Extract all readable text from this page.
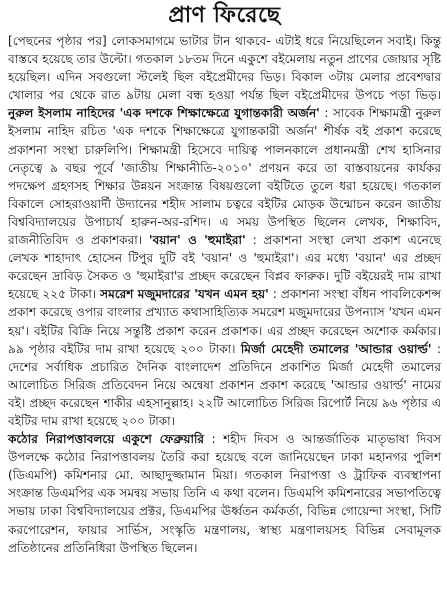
প্রাণ ফিরেছে

[পেছনের পৃষ্ঠার পর] লোকসমাগমে ভাটার টান থাকবে- এটাই ধরে নিয়েছিলেন সবাই। কিন্তু বাস্তবে হয়েছে তার উল্টো। গতকাল ১৮তম দিনে একুশে বইমেলায় নতুন প্রাণের জোয়ার সৃষ্টি হয়েছিল। এদিন সবগুলো স্টলেই ছিল বইপ্রেমীদের ভিড়। বিকাল ৩টায় মেলার প্রবেশদ্বার খোলার পর থেকে রাত ৯টায় মেলা বন্ধ হওয়া পর্যন্ত ছিল বইপ্রেমীদের উপচে পড়া ভিড়। নুরুল ইসলাম নাহিদের 'এক দশকে শিক্ষাক্ষেত্রে যুগান্তকারী অর্জন' : সাবেক শিক্ষামন্ত্রী নুরুল ইসলাম নাহিদ রচিত 'এক দশকে শিক্ষাক্ষেত্রে যুগান্তকারী অর্জন' শীর্ষক বই প্রকাশ করেছে প্রকাশনা সংস্থা চারুলিপি। শিক্ষামন্ত্রী হিসেবে দায়িত্ব পালনকালে প্রধানমন্ত্রী শেখ হাসিনার নেতৃত্বে ৯ বছর পূর্বে 'জাতীয় শিক্ষানীতি-২০১০' প্রণয়ন করে তা বাস্তবায়নের কার্যকর পদক্ষেপ গ্রহণসহ শিক্ষার উন্নয়ন সংক্রান্ত বিষয়গুলো বইটিতে তুলে ধরা হয়েছে। গতকাল বিকালে সোহরাওয়ার্দী উদ্যানের শহীদ সালাম চত্বরে বইটির মোড়ক উন্মোচন করেন জাতীয় বিশ্ববিদ্যালয়ের উপাচার্য হারুন-অর-রশিদ। এ সময় উপস্থিত ছিলেন লেখক, শিক্ষাবিদ, রাজনীতিবিদ ও প্রকাশকরা। 'বয়ান' ও 'হুমাইরা' : প্রকাশনা সংস্থা লেখা প্রকাশ এনেছে লেখক শাহাদাৎ হোসেন টিপুর দুটি বই 'বয়ান' ও 'হুমাইরা'। এর মধ্যে 'বয়ান' এর প্রচ্ছদ করেছেন দ্রাবিড় সৈকত ও 'হুমাইরা'র প্রচ্ছদ করেছেন বিপ্লব ফারুক। দুটি বইয়েরই দাম রাখা হয়েছে ২২৫ টাকা। সমরেশ মজুমদারের 'যখন এমন হয়' : প্রকাশনা সংস্থা বাঁধন পাবলিকেশন্স প্রকাশ করেছে ওপার বাংলার প্রখ্যাত কথাসাহিত্যিক সমরেশ মজুমদারের উপন্যাস 'যখন এমন হয়'। বইটির বিক্রি নিয়ে সন্তুষ্টি প্রকাশ করেন প্রকাশক। এর প্রচ্ছদ করেছেন অশোক কর্মকার। ৯৯ পৃষ্ঠার বইটির দাম রাখা হয়েছে ২০০ টাকা। মির্জা মেহেদী তমালের 'আন্ডার ওয়ার্ল্ড' : দেশের সর্বাধিক প্রচারিত দৈনিক বাংলাদেশ প্রতিদিনে প্রকাশিত মির্জা মেহেদী তমালের আলোচিত সিরিজ প্রতিবেদন নিয়ে অন্বেষা প্রকাশন প্রকাশ করেছে 'আন্ডার ওয়ার্ল্ড' নামের বই। প্রচ্ছদ করেছেন শাকীর এহসানুল্লাহ। ২২টি আলোচিত সিরিজ রিপোর্ট নিয়ে ৯৬ পৃষ্ঠার এ বইটির দাম রাখা হয়েছে ২০০ টাকা।

কঠোর নিরাপত্তাবলয়ে একুশে ফেব্রুয়ারি : শহীদ দিবস ও আন্তর্জাতিক মাতৃভাষা দিবস উপলক্ষে কঠোর নিরাপত্তাবলয় তৈরি করা হয়েছে বলে জানিয়েছেন ঢাকা মহানগর পুলিশ (ডিএমপি) কমিশনার মো. আছাদুজ্জামান মিয়া। গতকাল নিরাপত্তা ও ট্রাফিক ব্যবস্থাপনা সংক্রান্ত ডিএমপির এক সমন্বয় সভায় তিনি এ কথা বলেন। ডিএমপি কমিশনারের সভাপতিত্বে সভায় ঢাকা বিশ্ববিদ্যালয়ের প্রক্টর, ডিএমপির ঊর্ধ্বতন কর্মকর্তা, বিভিন্ন গোয়েন্দা সংস্থা, সিটি করপোরেশন, ফায়ার সার্ভিস, সংস্কৃতি মন্ত্রণালয়, স্বাস্থ্য মন্ত্রণালয়সহ বিভিন্ন সেবামূলক প্রতিষ্ঠানের প্রতিনিধিরা উপস্থিত ছিলেন।
